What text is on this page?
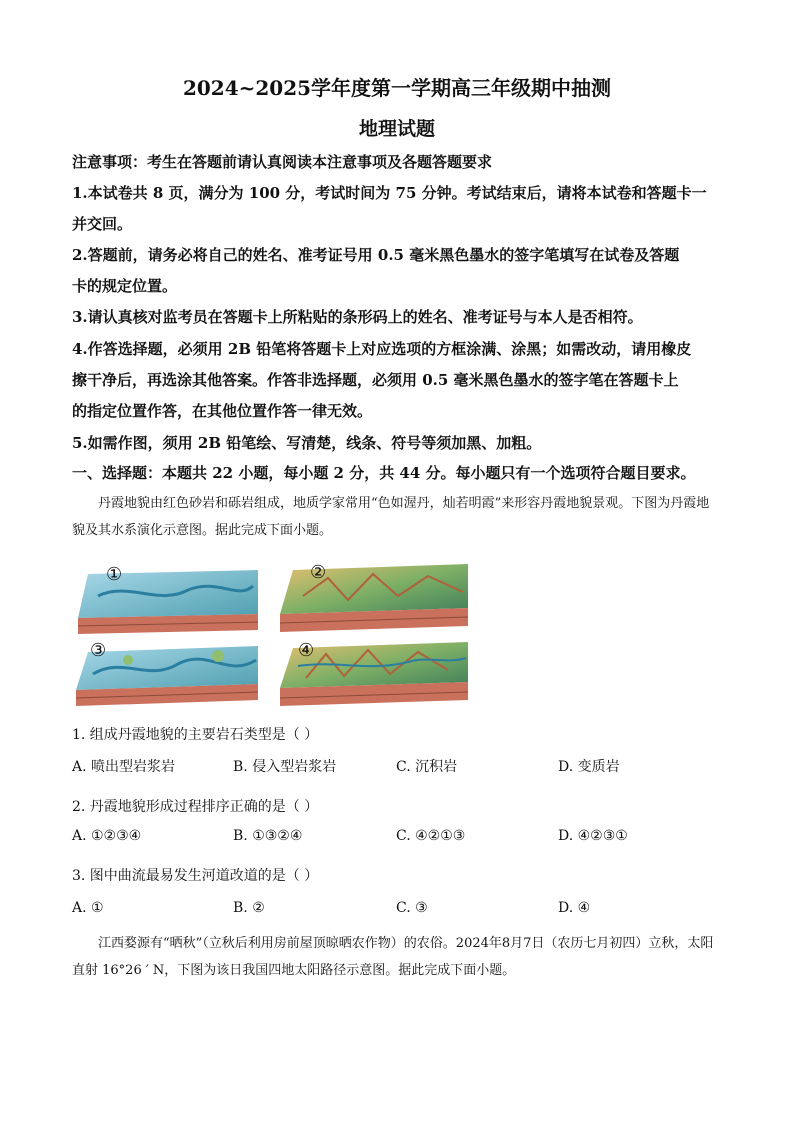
2024~2025学年度第一学期高三年级期中抽测
地理试题
注意事项：考生在答题前请认真阅读本注意事项及各题答题要求
1.本试卷共 8 页，满分为 100 分，考试时间为 75 分钟。考试结束后，请将本试卷和答题卡一
并交回。
2.答题前，请务必将自己的姓名、准考证号用 0.5 毫米黑色墨水的签字笔填写在试卷及答题
卡的规定位置。
3.请认真核对监考员在答题卡上所粘贴的条形码上的姓名、准考证号与本人是否相符。
4.作答选择题，必须用 2B 铅笔将答题卡上对应选项的方框涂满、涂黑；如需改动，请用橡皮
擦干净后，再选涂其他答案。作答非选择题，必须用 0.5 毫米黑色墨水的签字笔在答题卡上
的指定位置作答，在其他位置作答一律无效。
5.如需作图，须用 2B 铅笔绘、写清楚，线条、符号等须加黑、加粗。
一、选择题：本题共 22 小题，每小题 2 分，共 44 分。每小题只有一个选项符合题目要求。
丹霞地貌由红色砂岩和砾岩组成，地质学家常用“色如渥丹，灿若明霞”来形容丹霞地貌景观。下图为丹霞地貌及其水系演化示意图。据此完成下面小题。
①	②
③	④
1. 组成丹霞地貌的主要岩石类型是（ ）
A. 喷出型岩浆岩	B. 侵入型岩浆岩	C. 沉积岩	D. 变质岩
2. 丹霞地貌形成过程排序正确的是（ ）
A. ①②③④	B. ①③②④	C. ④②①③	D. ④②③①
3. 图中曲流最易发生河道改道的是（ ）
A. ①	B. ②	C. ③	D. ④
江西婺源有“晒秋”（立秋后利用房前屋顶晾晒农作物）的农俗。2024年8月7日（农历七月初四）立秋，太阳直射 16°26 ′ N，下图为该日我国四地太阳路径示意图。据此完成下面小题。
